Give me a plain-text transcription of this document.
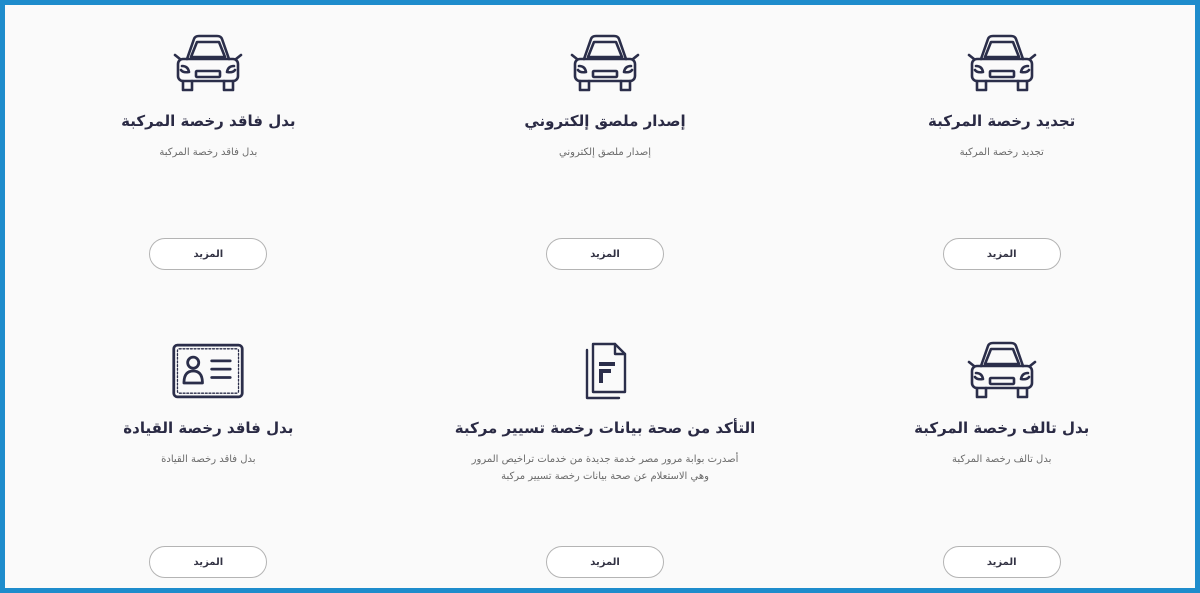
تجديد رخصة المركبة
تجديد رخصة المركبة
المزيد
إصدار ملصق إلكتروني
إصدار ملصق إلكتروني
المزيد
بدل فاقد رخصة المركبة
بدل فاقد رخصة المركبة
المزيد
بدل تالف رخصة المركبة
بدل تالف رخصة المركبة
المزيد
التأكد من صحة بيانات رخصة تسيير مركبة
أصدرت بوابة مرور مصر خدمة جديدة من خدمات تراخيص المرور وهي الاستعلام عن صحة بيانات رخصة تسيير مركبة
المزيد
بدل فاقد رخصة القيادة
بدل فاقد رخصة القيادة
المزيد
